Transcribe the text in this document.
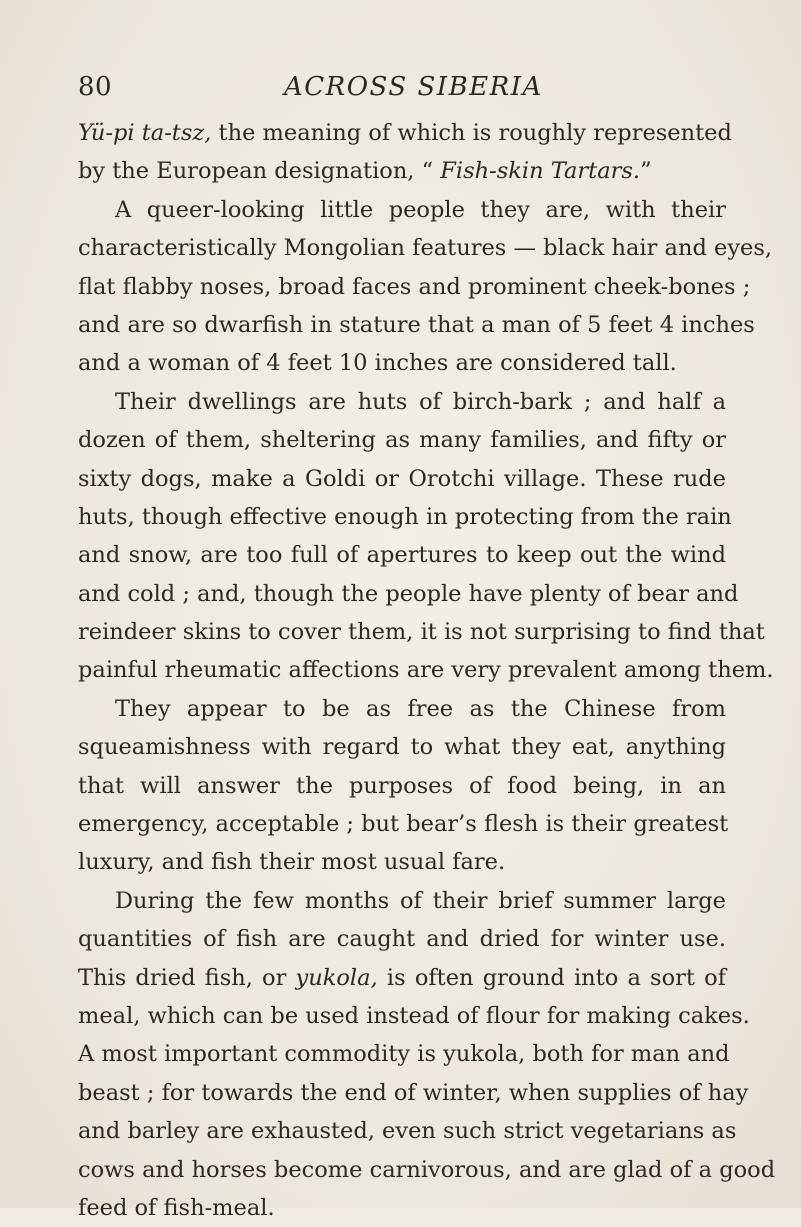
80	ACROSS SIBERIA
Yü-pi ta-tsz, the meaning of which is roughly represented
by the European designation, “ Fish-skin Tartars.”
A queer-looking little people they are, with their
characteristically Mongolian features — black hair and eyes,
flat flabby noses, broad faces and prominent cheek-bones ;
and are so dwarfish in stature that a man of 5 feet 4 inches
and a woman of 4 feet 10 inches are considered tall.
Their dwellings are huts of birch-bark ; and half a
dozen of them, sheltering as many families, and fifty or
sixty dogs, make a Goldi or Orotchi village. These rude
huts, though effective enough in protecting from the rain
and snow, are too full of apertures to keep out the wind
and cold ; and, though the people have plenty of bear and
reindeer skins to cover them, it is not surprising to find that
painful rheumatic affections are very prevalent among them.
They appear to be as free as the Chinese from
squeamishness with regard to what they eat, anything
that will answer the purposes of food being, in an
emergency, acceptable ; but bear’s flesh is their greatest
luxury, and fish their most usual fare.
During the few months of their brief summer large
quantities of fish are caught and dried for winter use.
This dried fish, or yukola, is often ground into a sort of
meal, which can be used instead of flour for making cakes.
A most important commodity is yukola, both for man and
beast ; for towards the end of winter, when supplies of hay
and barley are exhausted, even such strict vegetarians as
cows and horses become carnivorous, and are glad of a good
feed of fish-meal.
